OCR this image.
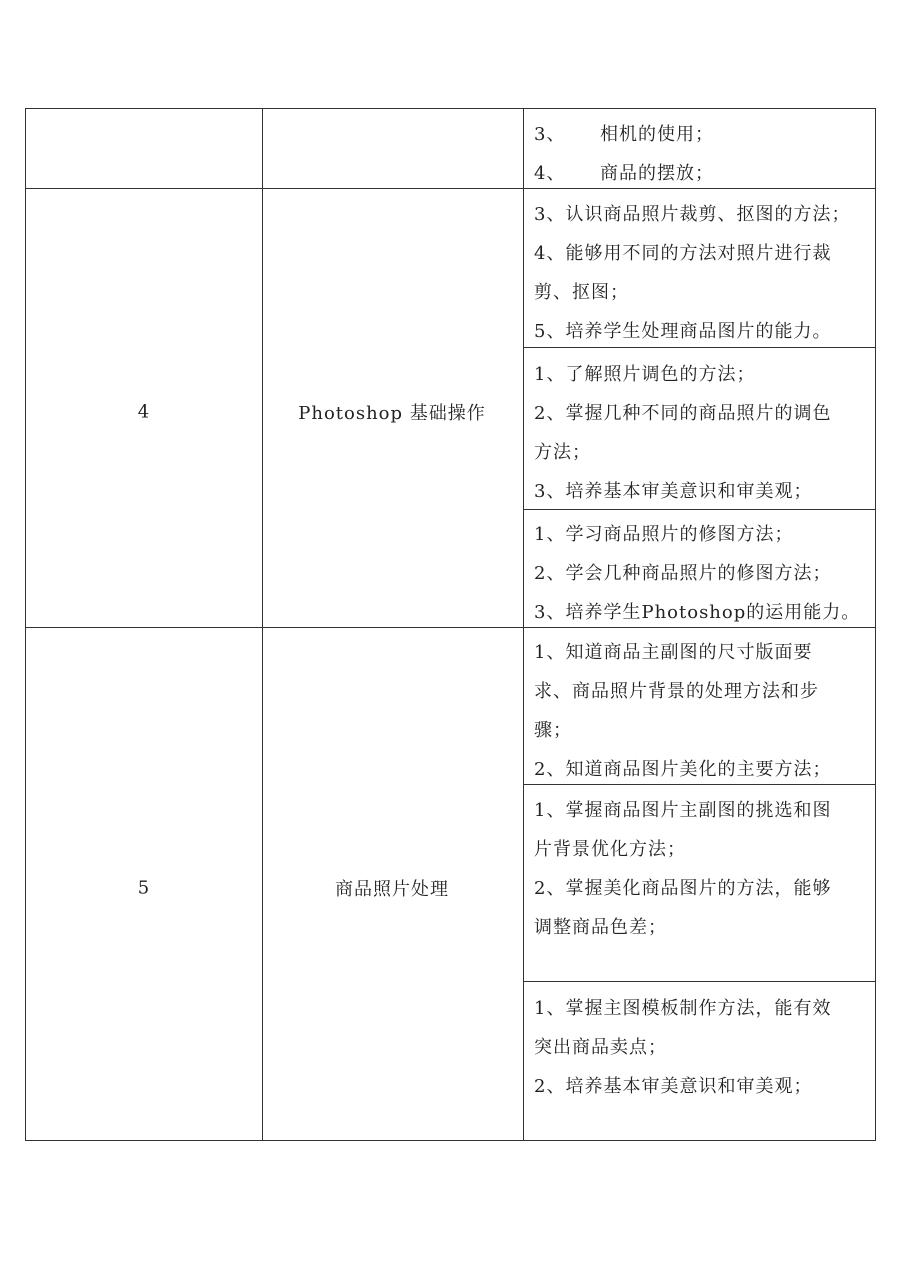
3、 相机的使用；
4、 商品的摆放；
4	Photoshop 基础操作
3、认识商品照片裁剪、抠图的方法；
4、能够用不同的方法对照片进行裁
剪、抠图；
5、培养学生处理商品图片的能力。
1、了解照片调色的方法；
2、掌握几种不同的商品照片的调色
方法；
3、培养基本审美意识和审美观；
1、学习商品照片的修图方法；
2、学会几种商品照片的修图方法；
3、培养学生Photoshop的运用能力。
5	商品照片处理
1、知道商品主副图的尺寸版面要
求、商品照片背景的处理方法和步
骤；
2、知道商品图片美化的主要方法；
1、掌握商品图片主副图的挑选和图
片背景优化方法；
2、掌握美化商品图片的方法，能够
调整商品色差；
1、掌握主图模板制作方法，能有效
突出商品卖点；
2、培养基本审美意识和审美观；
